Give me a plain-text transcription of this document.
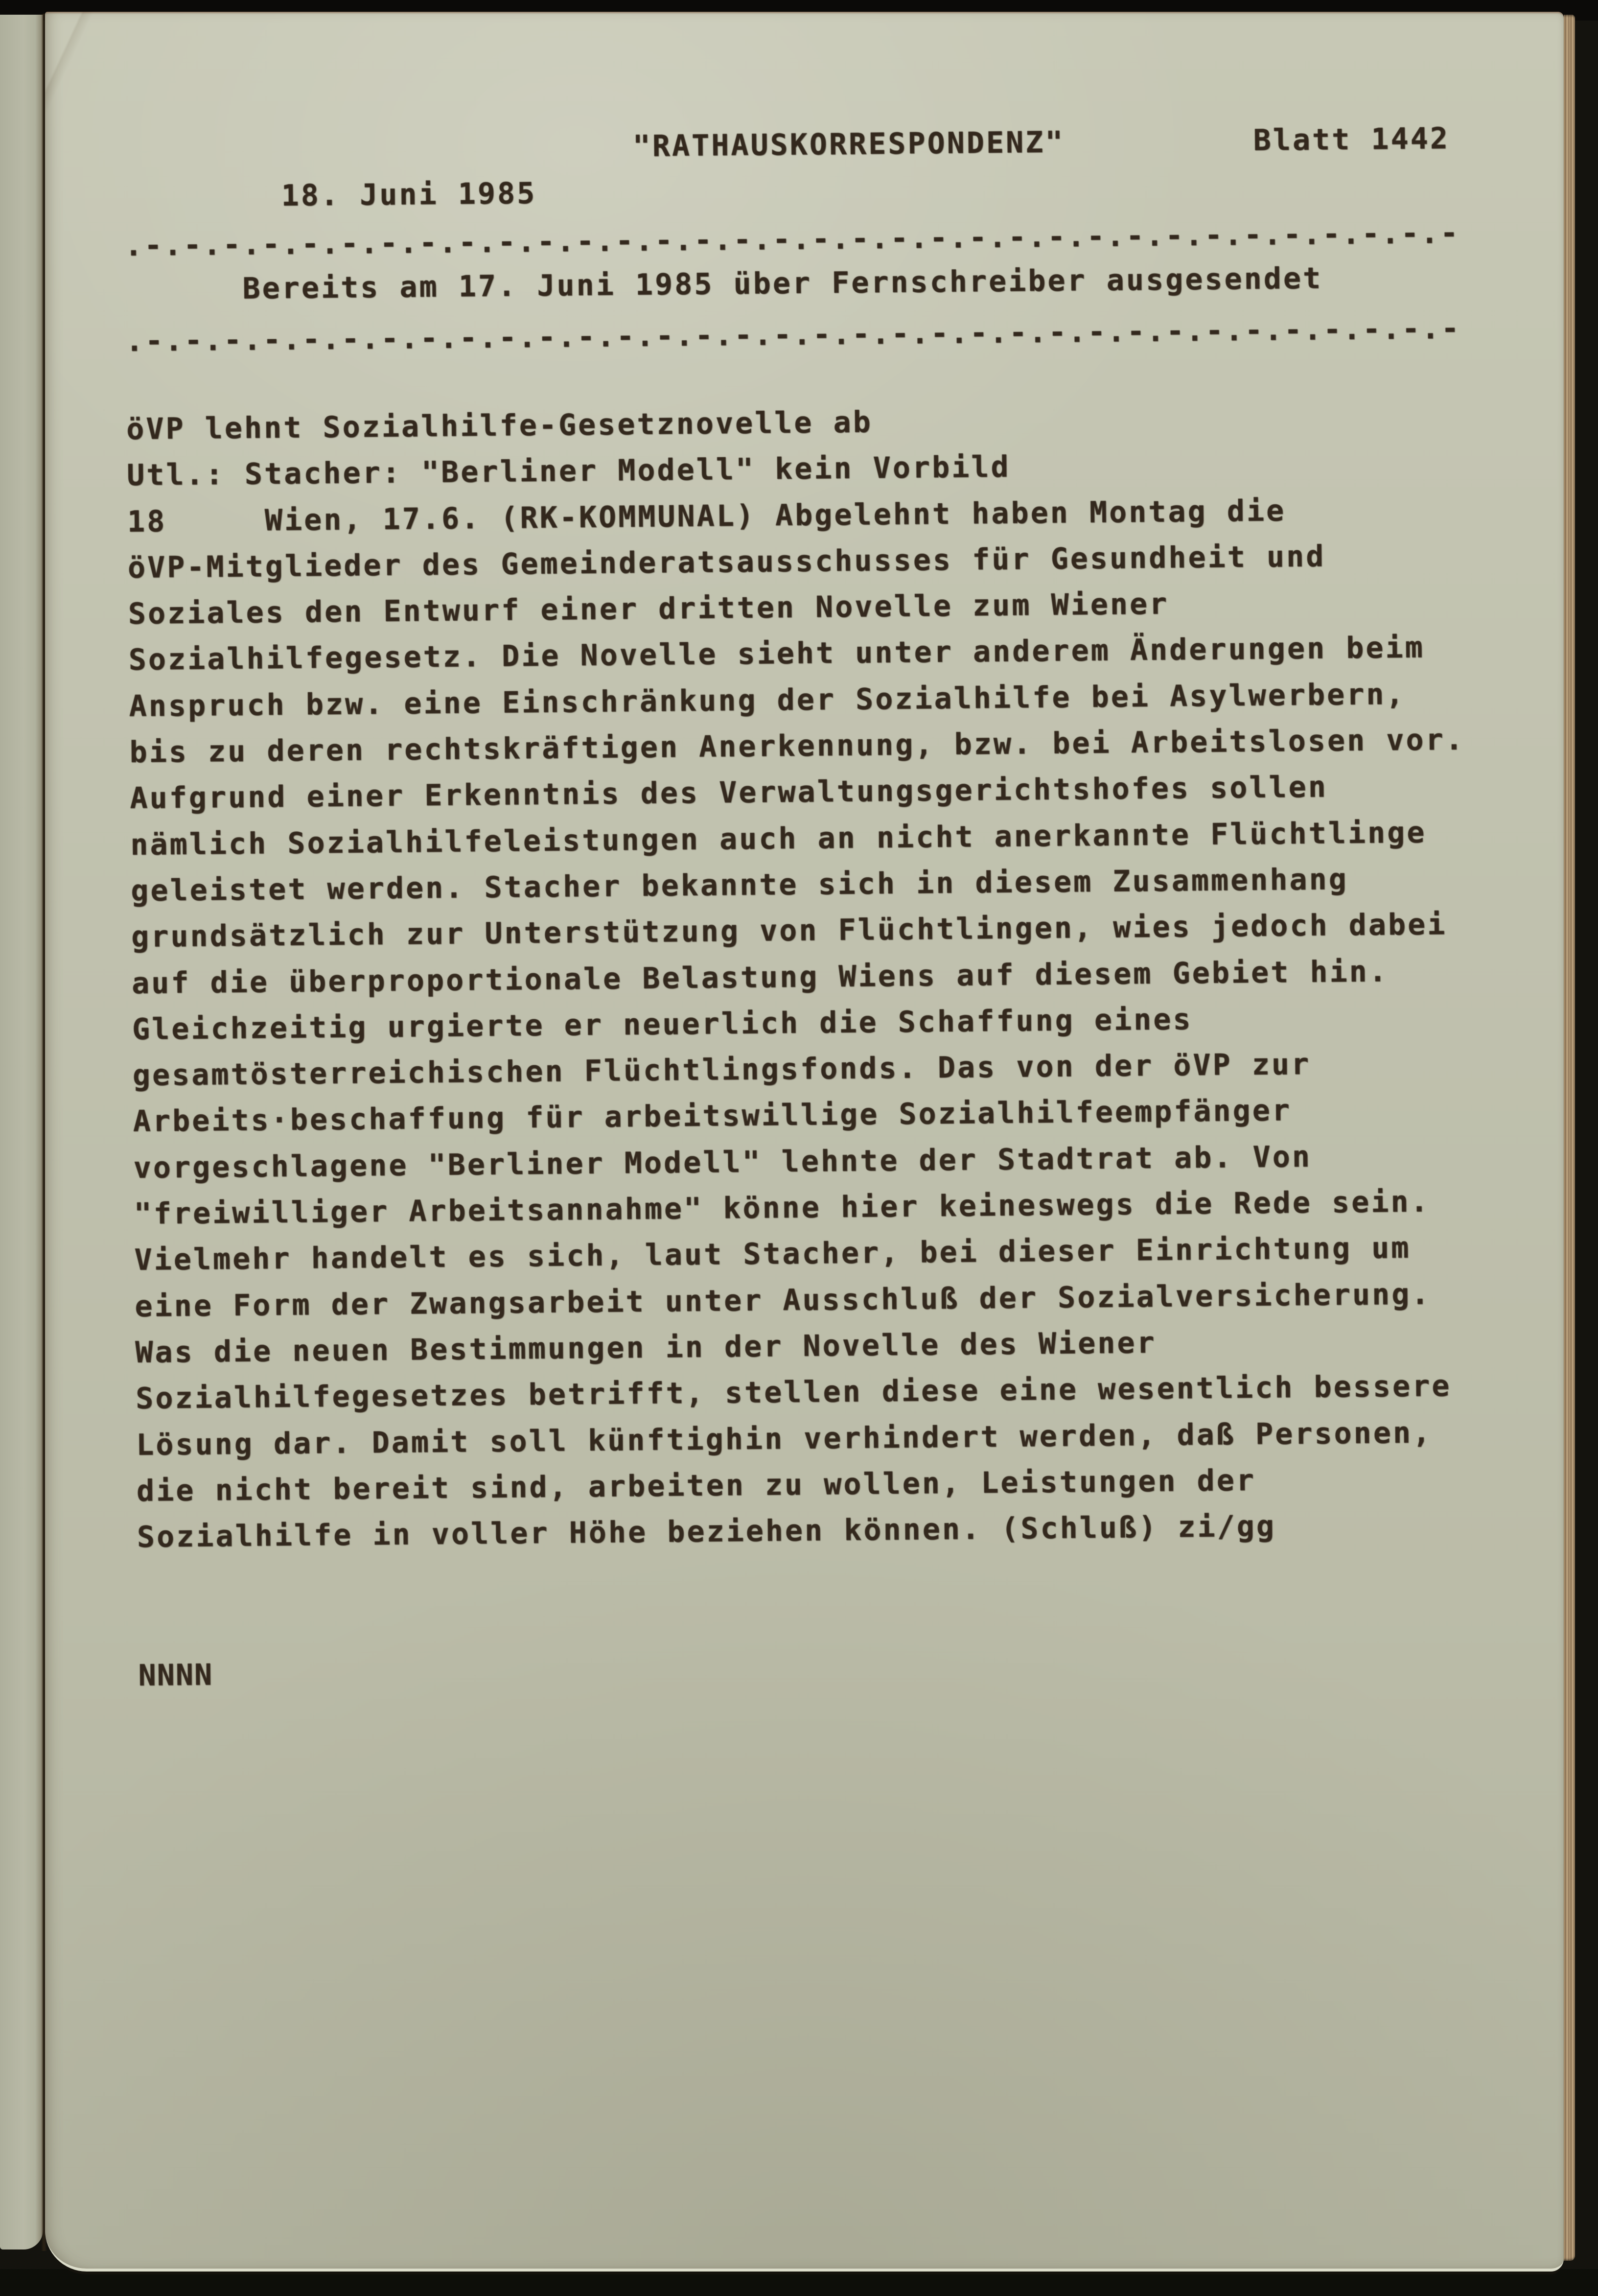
18. Juni 1985

"RATHAUSKORRESPONDENZ"

	Blatt 1442

.-.-.-.-.-.-.-.-.-.-.-.-.-.-.-.-.-.-.-.-.-.-.-.-.-.-.-.-.-.-.-.-.-.-
Bereits am 17. Juni 1985 über Fernschreiber ausgesendet
.-.-.-.-.-.-.-.-.-.-.-.-.-.-.-.-.-.-.-.-.-.-.-.-.-.-.-.-.-.-.-.-.-.-
öVP lehnt Sozialhilfe-Gesetznovelle ab
Utl.: Stacher: "Berliner Modell" kein Vorbild
18     Wien, 17.6. (RK-KOMMUNAL) Abgelehnt haben Montag die
öVP-Mitglieder des Gemeinderatsausschusses für Gesundheit und
Soziales den Entwurf einer dritten Novelle zum Wiener
Sozialhilfegesetz. Die Novelle sieht unter anderem Änderungen beim
Anspruch bzw. eine Einschränkung der Sozialhilfe bei Asylwerbern,
bis zu deren rechtskräftigen Anerkennung, bzw. bei Arbeitslosen vor.
Aufgrund einer Erkenntnis des Verwaltungsgerichtshofes sollen
nämlich Sozialhilfeleistungen auch an nicht anerkannte Flüchtlinge
geleistet werden. Stacher bekannte sich in diesem Zusammenhang
grundsätzlich zur Unterstützung von Flüchtlingen, wies jedoch dabei
auf die überproportionale Belastung Wiens auf diesem Gebiet hin.
Gleichzeitig urgierte er neuerlich die Schaffung eines
gesamtösterreichischen Flüchtlingsfonds. Das von der öVP zur
Arbeits·beschaffung für arbeitswillige Sozialhilfeempfänger
vorgeschlagene "Berliner Modell" lehnte der Stadtrat ab. Von
"freiwilliger Arbeitsannahme" könne hier keineswegs die Rede sein.
Vielmehr handelt es sich, laut Stacher, bei dieser Einrichtung um
eine Form der Zwangsarbeit unter Ausschluß der Sozialversicherung.
Was die neuen Bestimmungen in der Novelle des Wiener
Sozialhilfegesetzes betrifft, stellen diese eine wesentlich bessere
Lösung dar. Damit soll künftighin verhindert werden, daß Personen,
die nicht bereit sind, arbeiten zu wollen, Leistungen der
Sozialhilfe in voller Höhe beziehen können. (Schluß) zi/gg
NNNN
